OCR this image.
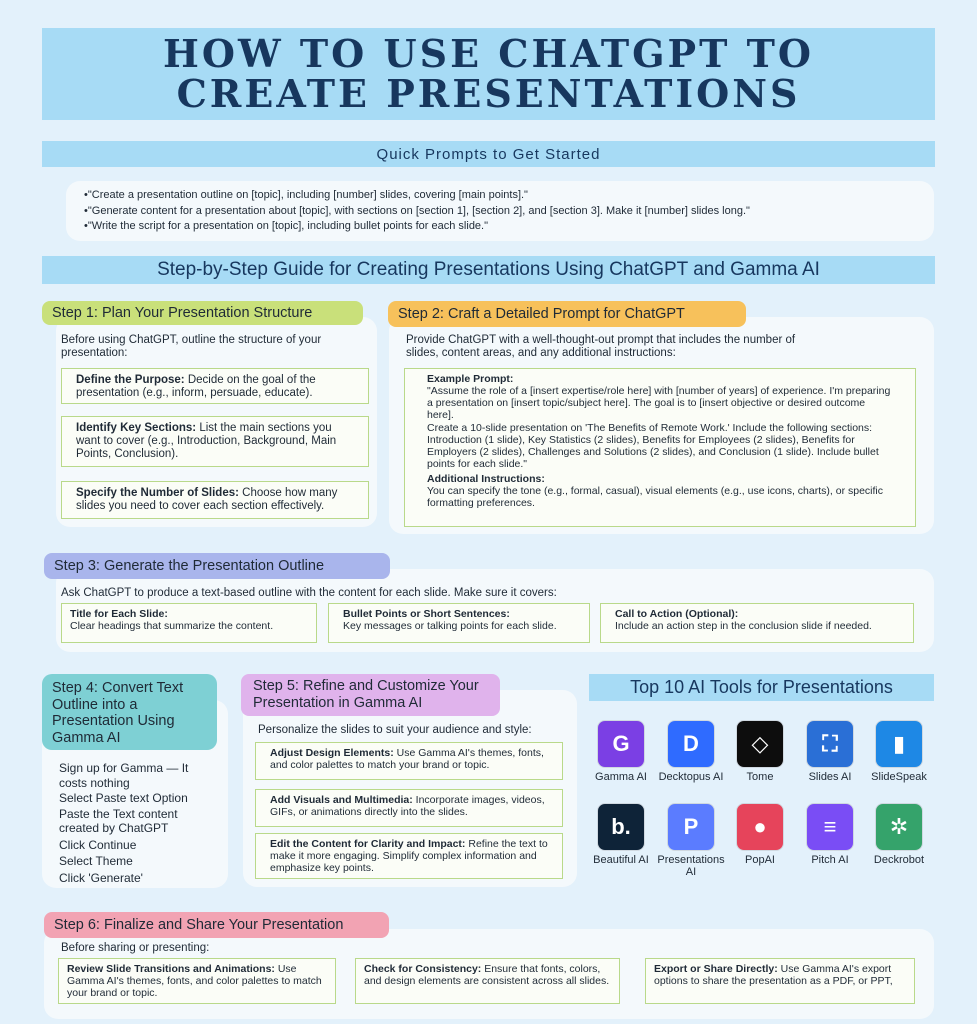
HOW TO USE CHATGPT TO
CREATE PRESENTATIONS
Quick Prompts to Get Started
• "Create a presentation outline on [topic], including [number] slides, covering [main points]."
• "Generate content for a presentation about [topic], with sections on [section 1], [section 2], and [section 3]. Make it [number] slides long."
• "Write the script for a presentation on [topic], including bullet points for each slide."
Step-by-Step Guide for Creating Presentations Using ChatGPT and Gamma AI
Step 1: Plan Your Presentation Structure
Before using ChatGPT, outline the structure of your presentation:
Define the Purpose: Decide on the goal of the presentation (e.g., inform, persuade, educate).
Identify Key Sections: List the main sections you want to cover (e.g., Introduction, Background, Main Points, Conclusion).
Specify the Number of Slides: Choose how many slides you need to cover each section effectively.
Step 2: Craft a Detailed Prompt for ChatGPT
Provide ChatGPT with a well-thought-out prompt that includes the number of slides, content areas, and any additional instructions:
Example Prompt:
"Assume the role of a [insert expertise/role here] with [number of years] of experience. I'm preparing a presentation on [insert topic/subject here]. The goal is to [insert objective or desired outcome here].
Create a 10-slide presentation on 'The Benefits of Remote Work.' Include the following sections: Introduction (1 slide), Key Statistics (2 slides), Benefits for Employees (2 slides), Benefits for Employers (2 slides), Challenges and Solutions (2 slides), and Conclusion (1 slide). Include bullet points for each slide."
Additional Instructions:
You can specify the tone (e.g., formal, casual), visual elements (e.g., use icons, charts), or specific formatting preferences.
Step 3: Generate the Presentation Outline
Ask ChatGPT to produce a text-based outline with the content for each slide. Make sure it covers:
Title for Each Slide:
Clear headings that summarize the content.
Bullet Points or Short Sentences:
Key messages or talking points for each slide.
Call to Action (Optional):
Include an action step in the conclusion slide if needed.
Step 4: Convert Text Outline into a Presentation Using Gamma AI
Sign up for Gamma — It costs nothing
Select Paste text Option
Paste the Text content created by ChatGPT
Click Continue
Select Theme
Click 'Generate'
Step 5: Refine and Customize Your Presentation in Gamma AI
Personalize the slides to suit your audience and style:
Adjust Design Elements: Use Gamma AI's themes, fonts, and color palettes to match your brand or topic.
Add Visuals and Multimedia: Incorporate images, videos, GIFs, or animations directly into the slides.
Edit the Content for Clarity and Impact: Refine the text to make it more engaging. Simplify complex information and emphasize key points.
Top 10 AI Tools for Presentations
G
Gamma AI
D
Decktopus AI
◇
Tome
⛶
Slides AI
▮
SlideSpeak
b.
Beautiful AI
P
Presentations AI
●
PopAI
≡
Pitch AI
✲
Deckrobot
Step 6: Finalize and Share Your Presentation
Before sharing or presenting:
Review Slide Transitions and Animations: Use Gamma AI's themes, fonts, and color palettes to match your brand or topic.
Check for Consistency: Ensure that fonts, colors, and design elements are consistent across all slides.
Export or Share Directly: Use Gamma AI's export options to share the presentation as a PDF, or PPT,
